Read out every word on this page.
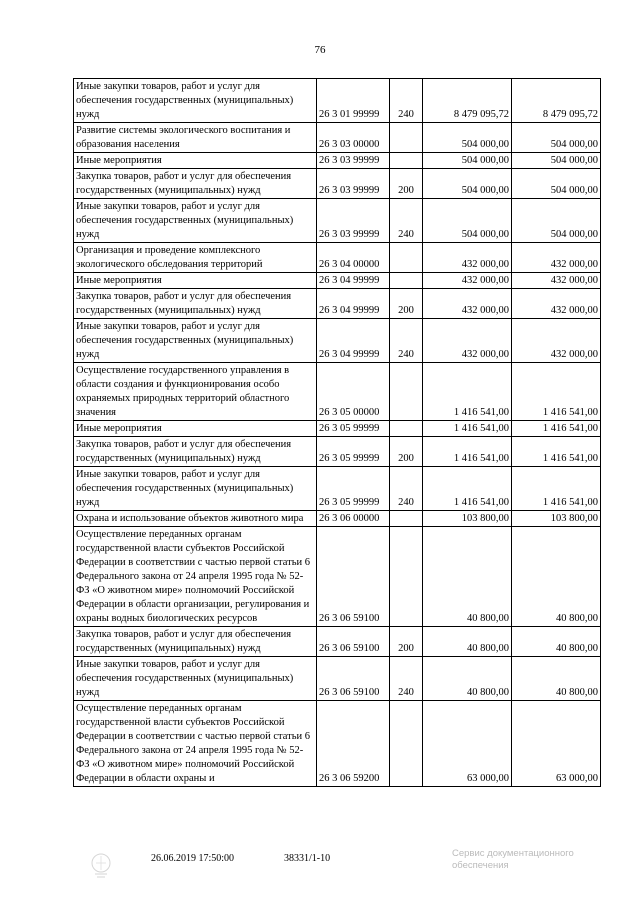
76
Иные закупки товаров, работ и услуг для обеспечения государственных (муниципальных) нужд	26 3 01 99999	240	8 479 095,72	8 479 095,72
Развитие системы экологического воспитания и образования населения	26 3 03 00000		504 000,00	504 000,00
Иные мероприятия	26 3 03 99999		504 000,00	504 000,00
Закупка товаров, работ и услуг для обеспечения государственных (муниципальных) нужд	26 3 03 99999	200	504 000,00	504 000,00
Иные закупки товаров, работ и услуг для обеспечения государственных (муниципальных) нужд	26 3 03 99999	240	504 000,00	504 000,00
Организация и проведение комплексного экологического обследования территорий	26 3 04 00000		432 000,00	432 000,00
Иные мероприятия	26 3 04 99999		432 000,00	432 000,00
Закупка товаров, работ и услуг для обеспечения государственных (муниципальных) нужд	26 3 04 99999	200	432 000,00	432 000,00
Иные закупки товаров, работ и услуг для обеспечения государственных (муниципальных) нужд	26 3 04 99999	240	432 000,00	432 000,00
Осуществление государственного управления в области создания и функционирования особо охраняемых природных территорий областного значения	26 3 05 00000		1 416 541,00	1 416 541,00
Иные мероприятия	26 3 05 99999		1 416 541,00	1 416 541,00
Закупка товаров, работ и услуг для обеспечения государственных (муниципальных) нужд	26 3 05 99999	200	1 416 541,00	1 416 541,00
Иные закупки товаров, работ и услуг для обеспечения государственных (муниципальных) нужд	26 3 05 99999	240	1 416 541,00	1 416 541,00
Охрана и использование объектов животного мира	26 3 06 00000		103 800,00	103 800,00
Осуществление переданных органам государственной власти субъектов Российской Федерации в соответствии с частью первой статьи 6 Федерального закона от 24 апреля 1995 года № 52-ФЗ «О животном мире» полномочий Российской Федерации в области организации, регулирования и охраны водных биологических ресурсов	26 3 06 59100		40 800,00	40 800,00
Закупка товаров, работ и услуг для обеспечения государственных (муниципальных) нужд	26 3 06 59100	200	40 800,00	40 800,00
Иные закупки товаров, работ и услуг для обеспечения государственных (муниципальных) нужд	26 3 06 59100	240	40 800,00	40 800,00
Осуществление переданных органам государственной власти субъектов Российской Федерации в соответствии с частью первой статьи 6 Федерального закона от 24 апреля 1995 года № 52-ФЗ «О животном мире» полномочий Российской Федерации в области охраны и	26 3 06 59200		63 000,00	63 000,00
26.06.2019 17:50:00	38331/1-10	Сервис документационного
обеспечения
